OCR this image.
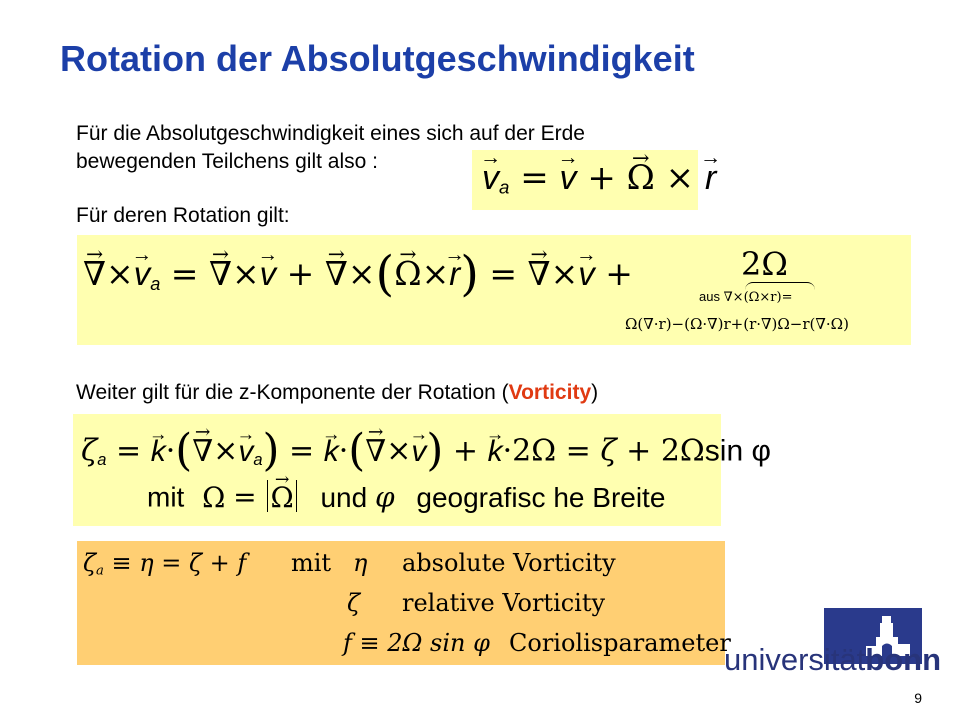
Rotation der Absolutgeschwindigkeit
Für die Absolutgeschwindigkeit eines sich auf der Erde
bewegenden Teilchens gilt also :	→ $v_a$ = → v + → Ω × → r
Für deren Rotation gilt:
→ ∇×→ $v_a$ = → ∇×→ v + → ∇×(→ Ω×→ r) = → ∇×→ v +	2Ω
aus ∇×(Ω×r)=
Ω(∇·r)−(Ω·∇)r+(r·∇)Ω−r(∇·Ω)
Weiter gilt für die z-Komponente der Rotation (Vorticity)
$\zeta_a$ = → k·(→ ∇×→ $v_a$) = → k·(→ ∇×→ v) + → k·2Ω = ζ + 2Ωsin φ
mit Ω = → Ω und φ geografisc he Breite
$\zeta_a \equiv \eta = \zeta + f$ mit η absolute Vorticity
ζ relative Vorticity
f ≡ 2Ω sin φ Coriolisparameter
universitätbonn
9
